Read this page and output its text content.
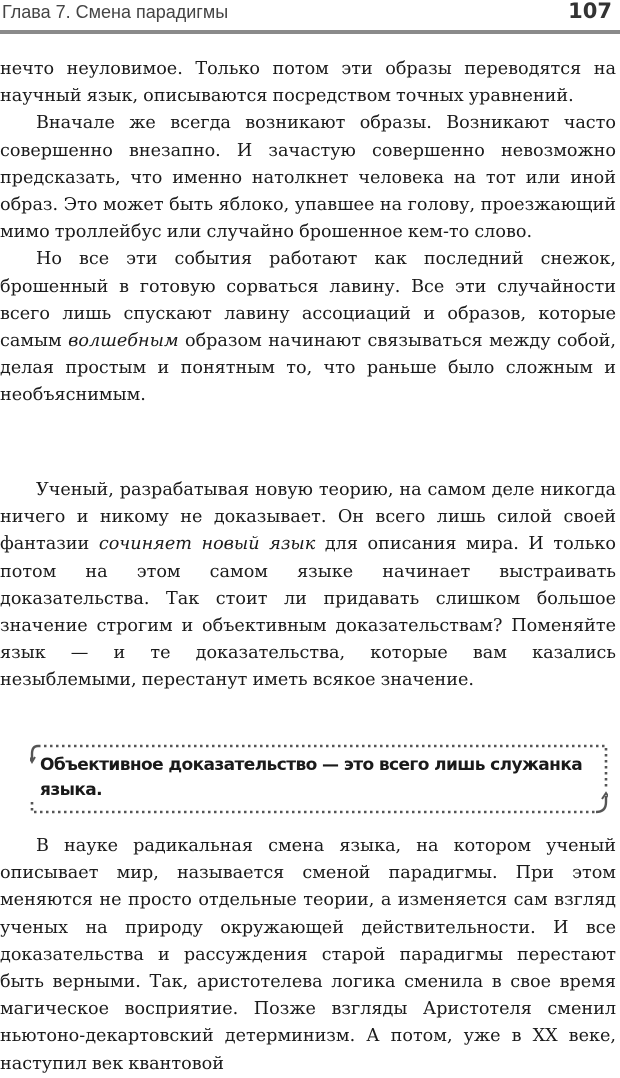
Глава 7. Смена парадигмы	107

нечто неуловимое. Только потом эти образы переводятся на научный язык, описываются посредством точных уравнений.

Вначале же всегда возникают образы. Возникают часто совершенно внезапно. И зачастую совершенно невозможно предсказать, что именно натолкнет человека на тот или иной образ. Это может быть яблоко, упавшее на голову, проезжающий мимо троллейбус или случайно брошенное кем-то слово.

Но все эти события работают как последний снежок, брошенный в готовую сорваться лавину. Все эти случайности всего лишь спускают лавину ассоциаций и образов, которые самым волшебным образом начинают связываться между собой, делая простым и понятным то, что раньше было сложным и необъяснимым.

Ученый, разрабатывая новую теорию, на самом деле никогда ничего и никому не доказывает. Он всего лишь силой своей фантазии сочиняет новый язык для описания мира. И только потом на этом самом языке начинает выстраивать доказательства. Так стоит ли придавать слишком большое значение строгим и объективным доказательствам? Поменяйте язык — и те доказательства, которые вам казались незыблемыми, перестанут иметь всякое значение.

Объективное доказательство — это всего лишь служанка языка.

В науке радикальная смена языка, на котором ученый описывает мир, называется сменой парадигмы. При этом меняются не просто отдельные теории, а изменяется сам взгляд ученых на природу окружающей действительности. И все доказательства и рассуждения старой парадигмы перестают быть верными. Так, аристотелева логика сменила в свое время магическое восприятие. Позже взгляды Аристотеля сменил ньютоно-декартовский детерминизм. А потом, уже в XX веке, наступил век квантовой
